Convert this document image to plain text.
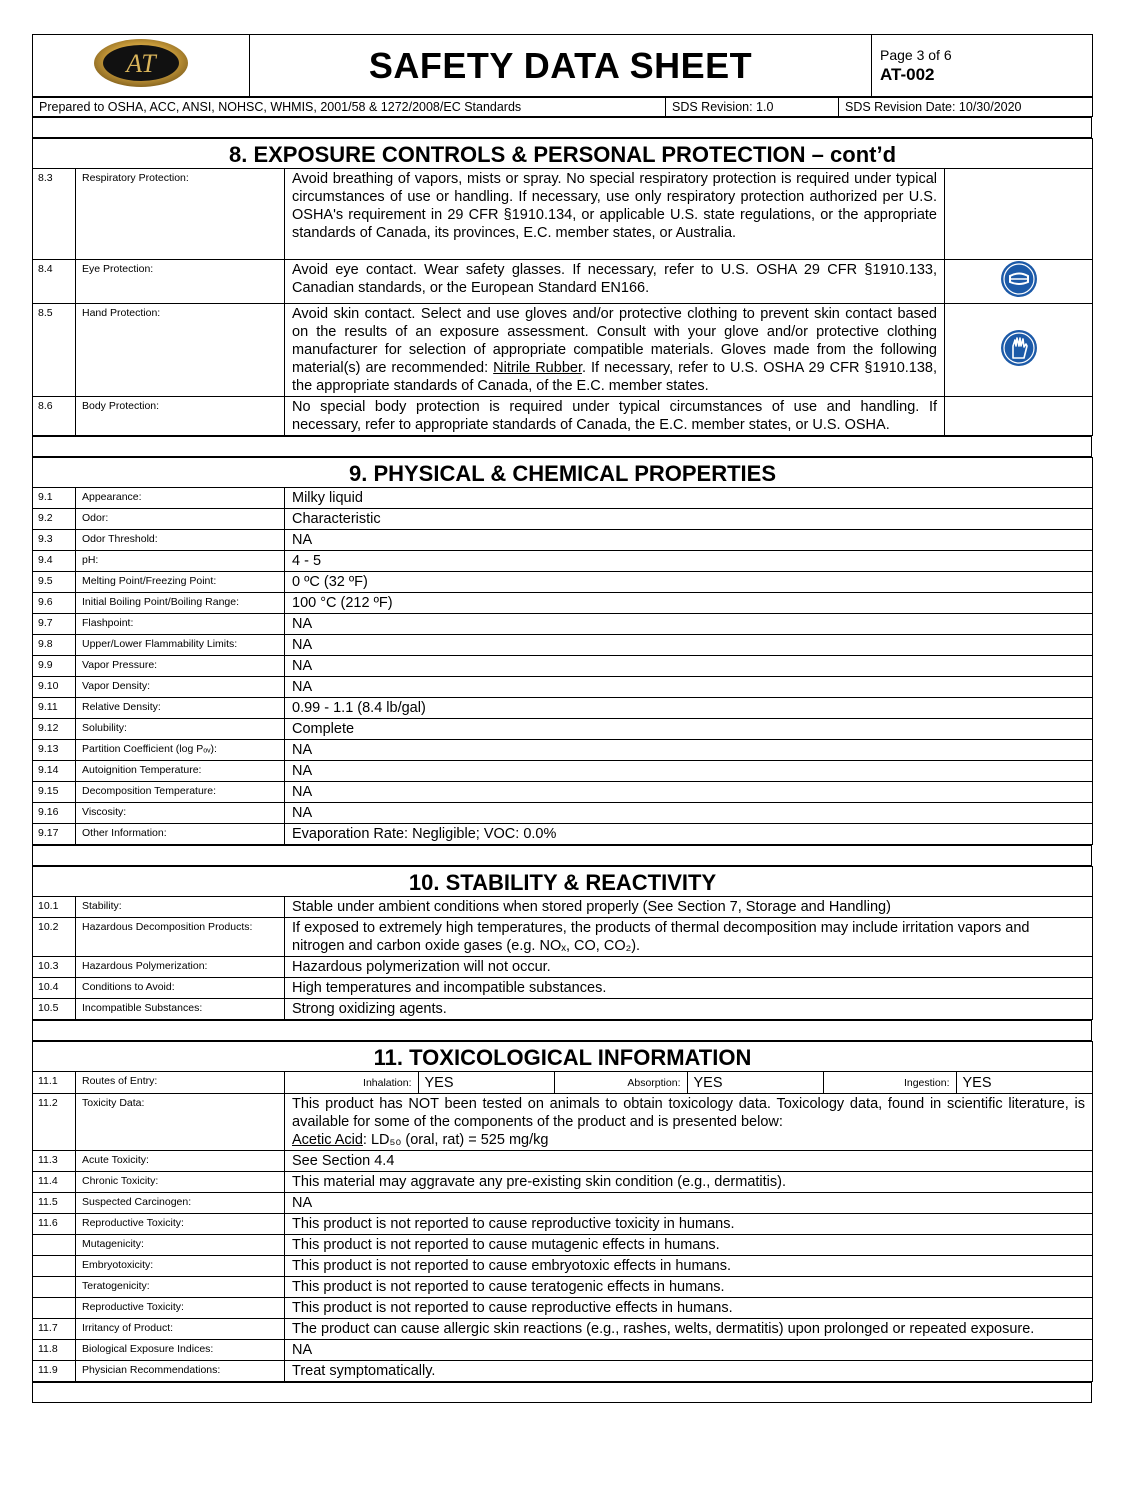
AT	SAFETY DATA SHEET	Page 3 of 6
AT-002
Prepared to OSHA, ACC, ANSI, NOHSC, WHMIS, 2001/58 & 1272/2008/EC Standards	SDS Revision: 1.0	SDS Revision Date: 10/30/2020
8. EXPOSURE CONTROLS & PERSONAL PROTECTION – cont’d			
8.3	Respiratory Protection:	Avoid breathing of vapors, mists or spray. No special respiratory protection is required under typical circumstances of use or handling. If necessary, use only respiratory protection authorized per U.S. OSHA's requirement in 29 CFR §1910.134, or applicable U.S. state regulations, or the appropriate standards of Canada, its provinces, E.C. member states, or Australia.	
8.4	Eye Protection:	Avoid eye contact. Wear safety glasses. If necessary, refer to U.S. OSHA 29 CFR §1910.133, Canadian standards, or the European Standard EN166.	
8.5	Hand Protection:	Avoid skin contact. Select and use gloves and/or protective clothing to prevent skin contact based on the results of an exposure assessment. Consult with your glove and/or protective clothing manufacturer for selection of appropriate compatible materials. Gloves made from the following material(s) are recommended: Nitrile Rubber. If necessary, refer to U.S. OSHA 29 CFR §1910.138, the appropriate standards of Canada, of the E.C. member states.	
8.6	Body Protection:	No special body protection is required under typical circumstances of use and handling. If necessary, refer to appropriate standards of Canada, the E.C. member states, or U.S. OSHA.	
9. PHYSICAL & CHEMICAL PROPERTIES		
9.1	Appearance:	Milky liquid
9.2	Odor:	Characteristic
9.3	Odor Threshold:	NA
9.4	pH:	4 - 5
9.5	Melting Point/Freezing Point:	0 ºC (32 ºF)
9.6	Initial Boiling Point/Boiling Range:	100 °C (212 ºF)
9.7	Flashpoint:	NA
9.8	Upper/Lower Flammability Limits:	NA
9.9	Vapor Pressure:	NA
9.10	Vapor Density:	NA
9.11	Relative Density:	0.99 - 1.1 (8.4 lb/gal)
9.12	Solubility:	Complete
9.13	Partition Coefficient (log Pₒᵥ):	NA
9.14	Autoignition Temperature:	NA
9.15	Decomposition Temperature:	NA
9.16	Viscosity:	NA
9.17	Other Information:	Evaporation Rate: Negligible; VOC: 0.0%
10. STABILITY & REACTIVITY		
10.1	Stability:	Stable under ambient conditions when stored properly (See Section 7, Storage and Handling)
10.2	Hazardous Decomposition Products:	If exposed to extremely high temperatures, the products of thermal decomposition may include irritation vapors and nitrogen and carbon oxide gases (e.g. NOₓ, CO, CO₂).
10.3	Hazardous Polymerization:	Hazardous polymerization will not occur.
10.4	Conditions to Avoid:	High temperatures and incompatible substances.
10.5	Incompatible Substances:	Strong oxidizing agents.
11. TOXICOLOGICAL INFORMATION
11.1	Routes of Entry:		Inhalation:	YES	Absorption:	YES	Ingestion:	YES

11.2	Toxicity Data:	This product has NOT been tested on animals to obtain toxicology data. Toxicology data, found in scientific literature, is available for some of the components of the product and is presented below:
Acetic Acid: LD₅₀ (oral, rat) = 525 mg/kg

11.3	Acute Toxicity:	See Section 4.4
11.4	Chronic Toxicity:	This material may aggravate any pre-existing skin condition (e.g., dermatitis).
11.5	Suspected Carcinogen:	NA
11.6	Reproductive Toxicity:	This product is not reported to cause reproductive toxicity in humans.
	Mutagenicity:	This product is not reported to cause mutagenic effects in humans.
	Embryotoxicity:	This product is not reported to cause embryotoxic effects in humans.
	Teratogenicity:	This product is not reported to cause teratogenic effects in humans.
	Reproductive Toxicity:	This product is not reported to cause reproductive effects in humans.
11.7	Irritancy of Product:	The product can cause allergic skin reactions (e.g., rashes, welts, dermatitis) upon prolonged or repeated exposure.
11.8	Biological Exposure Indices:	NA
11.9	Physician Recommendations:	Treat symptomatically.
